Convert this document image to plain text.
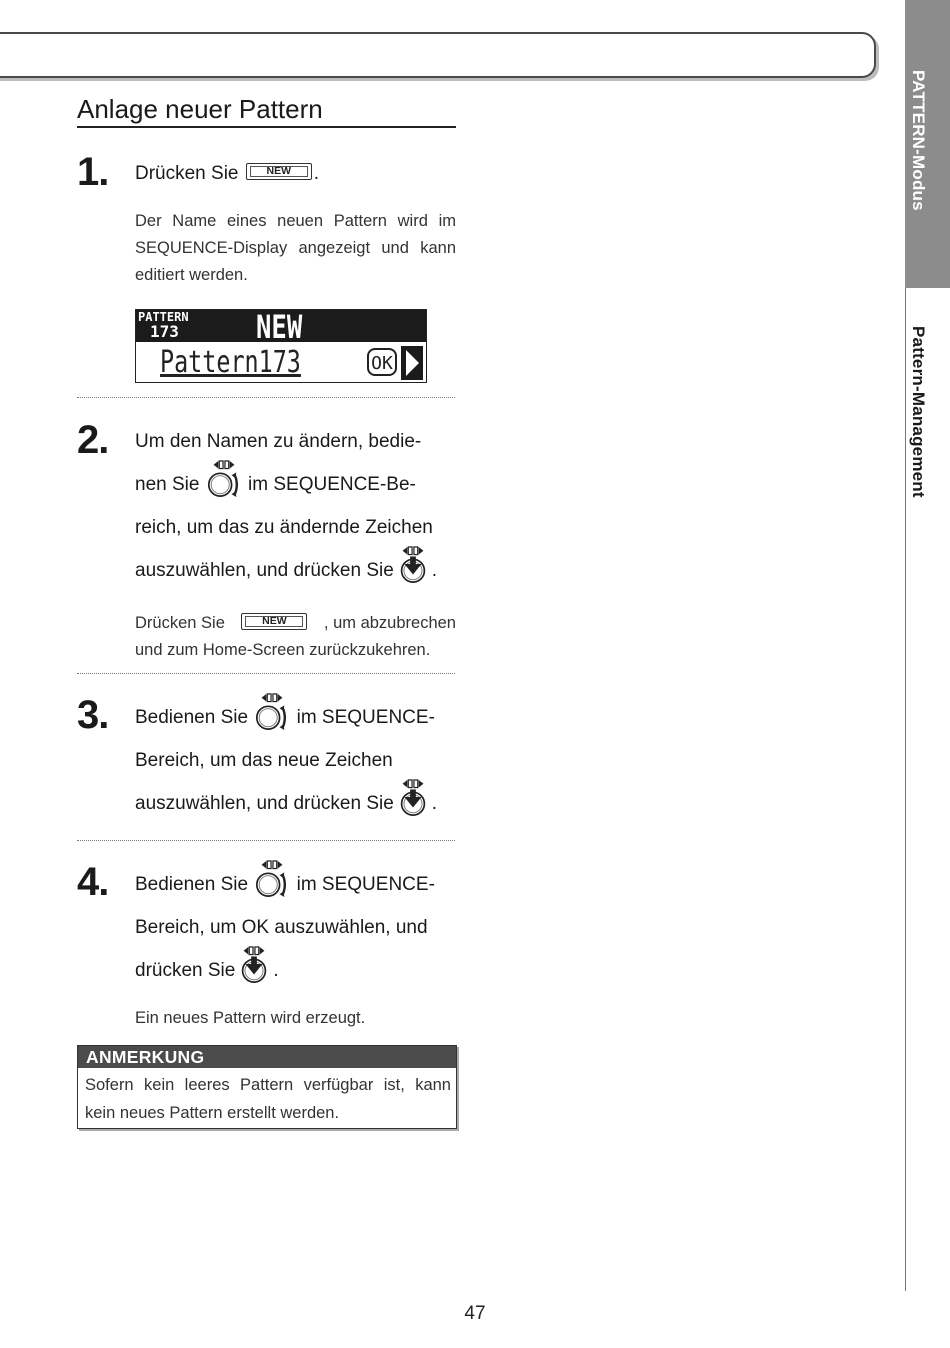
PATTERN-Modus
Pattern-Management
Anlage neuer Pattern
1. Drücken Sie	NEW	.
Der Name eines neuen Pattern wird im
SEQUENCE-Display angezeigt und kann
editiert werden.
PATTERN
173 NEW
Pattern173	OK
2. Um den Namen zu ändern, bedie-
nen Sie	im SEQUENCE-Be-
reich, um das zu ändernde Zeichen
auszuwählen, und drücken Sie .
Drücken Sie	NEW	, um abzubrechen
und zum Home-Screen zurückzukehren.
3. Bedienen Sie	im SEQUENCE-
Bereich, um das neue Zeichen
auszuwählen, und drücken Sie .
4. Bedienen Sie	im SEQUENCE-
Bereich, um OK auszuwählen, und
drücken Sie .
Ein neues Pattern wird erzeugt.
ANMERKUNG
Sofern kein leeres Pattern verfügbar ist, kann
kein neues Pattern erstellt werden.
47
